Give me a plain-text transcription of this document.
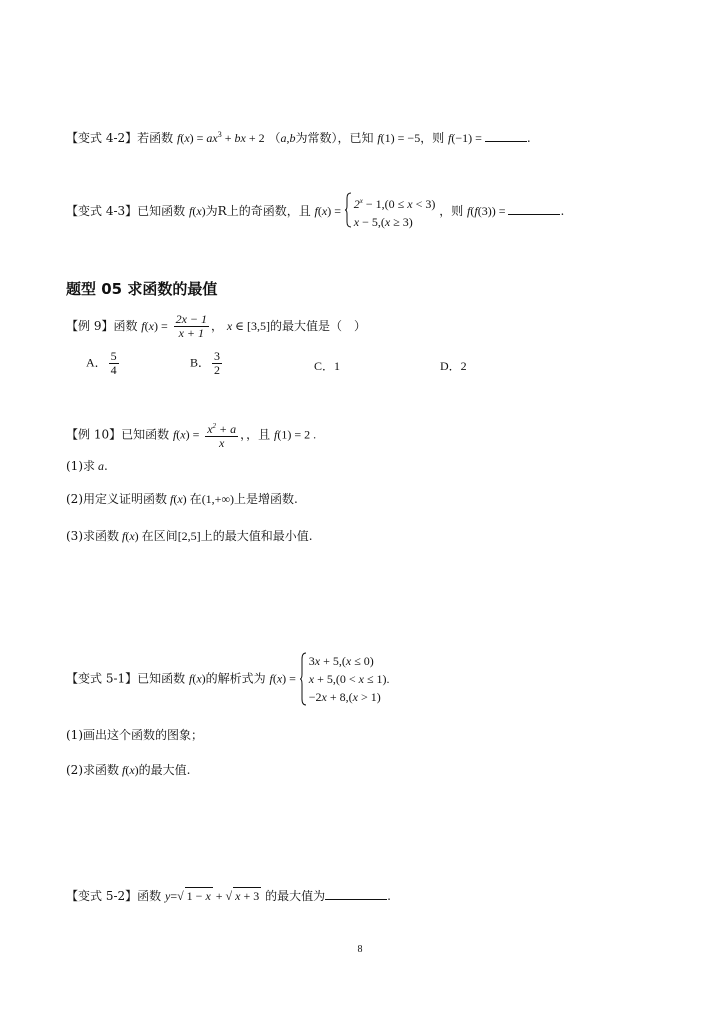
【变式 4-2】若函数 $f(x) = ax^3$ + bx + 2 （a,b为常数），已知 f(1) = −5，则 f(−1) =	.
【变式 4-3】已知函数 f(x)为R上的奇函数，且 $f(x) = 2^x - 1,(0 \le x < 3)$
x − 5,(x ≥ 3)
，则 f(f(3)) =	.
题型 05 求函数的最值
【例 9】函数 $f(x) = \frac{2x - 1}{x + 1}$ ， x ∈ [3,5]的最大值是（　）
A． $\frac{5}{4}$	B． $\frac{3}{2}$	C．1	D．2
【例 10】已知函数 $f(x) = \frac{x^2 + a}{x}$ ，，且 f(1) = 2 .
(1)求 a.
(2)用定义证明函数 f(x) 在(1,+∞)上是增函数.
(3)求函数 f(x) 在区间[2,5]上的最大值和最小值.
【变式 5-1】已知函数 f(x)的解析式为 f(x) =
3x + 5,(x ≤ 0)
x + 5,(0 < x ≤ 1).
−2x + 8,(x > 1)
(1)画出这个函数的图象；
(2)求函数 f(x)的最大值.
【变式 5-2】函数 y=√ 1 − x + √ x + 3 的最大值为	.
8
